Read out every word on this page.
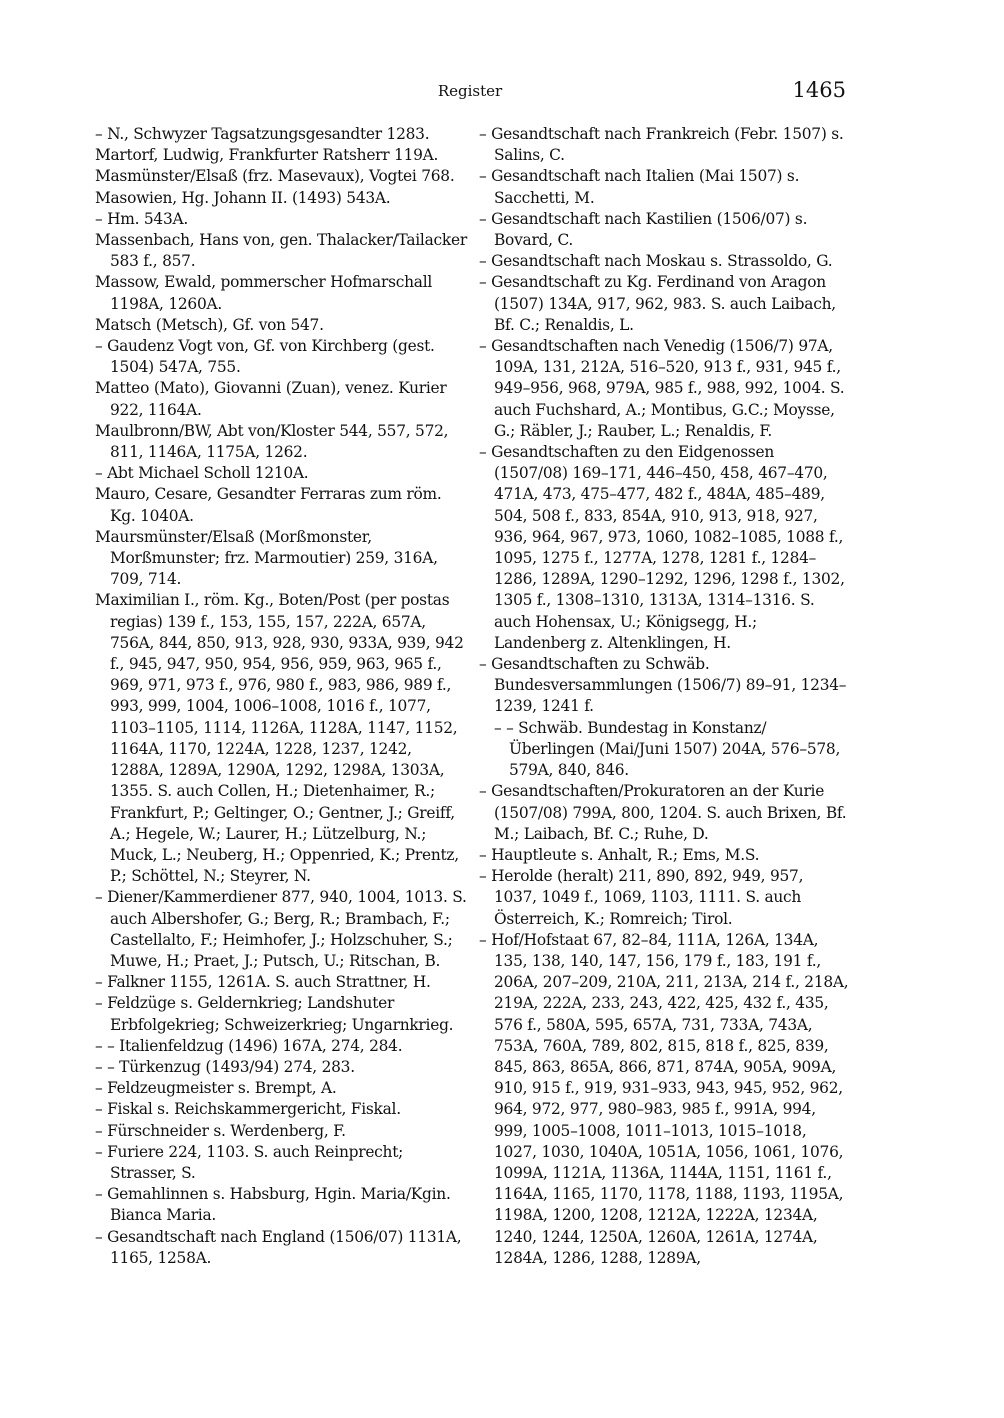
Register	1465
– N., Schwyzer Tagsatzungsgesandter 1283.
Martorf, Ludwig, Frankfurter Ratsherr 119A.
Masmünster/Elsaß (frz. Masevaux), Vogtei 768.
Masowien, Hg. Johann II. (1493) 543A.
– Hm. 543A.
Massenbach, Hans von, gen. Thalacker/Tailacker 583 f., 857.
Massow, Ewald, pommerscher Hofmarschall 1198A, 1260A.
Matsch (Metsch), Gf. von 547.
– Gaudenz Vogt von, Gf. von Kirchberg (gest. 1504) 547A, 755.
Matteo (Mato), Giovanni (Zuan), venez. Kurier 922, 1164A.
Maulbronn/BW, Abt von/Kloster 544, 557, 572, 811, 1146A, 1175A, 1262.
– Abt Michael Scholl 1210A.
Mauro, Cesare, Gesandter Ferraras zum röm. Kg. 1040A.
Maursmünster/Elsaß (Morßmonster, Morßmunster; frz. Marmoutier) 259, 316A, 709, 714.
Maximilian I., röm. Kg., Boten/Post (per postas regias) 139 f., 153, 155, 157, 222A, 657A, 756A, 844, 850, 913, 928, 930, 933A, 939, 942 f., 945, 947, 950, 954, 956, 959, 963, 965 f., 969, 971, 973 f., 976, 980 f., 983, 986, 989 f., 993, 999, 1004, 1006–1008, 1016 f., 1077, 1103–1105, 1114, 1126A, 1128A, 1147, 1152, 1164A, 1170, 1224A, 1228, 1237, 1242, 1288A, 1289A, 1290A, 1292, 1298A, 1303A, 1355. S. auch Collen, H.; Dietenhaimer, R.; Frankfurt, P.; Geltinger, O.; Gentner, J.; Greiff, A.; Hegele, W.; Laurer, H.; Lützelburg, N.; Muck, L.; Neuberg, H.; Oppenried, K.; Prentz, P.; Schöttel, N.; Steyrer, N.
– Diener/Kammerdiener 877, 940, 1004, 1013. S. auch Albershofer, G.; Berg, R.; Brambach, F.; Castellalto, F.; Heimhofer, J.; Holzschuher, S.; Muwe, H.; Praet, J.; Putsch, U.; Ritschan, B.
– Falkner 1155, 1261A. S. auch Strattner, H.
– Feldzüge s. Geldernkrieg; Landshuter Erbfolgekrieg; Schweizerkrieg; Ungarnkrieg.
– – Italienfeldzug (1496) 167A, 274, 284.
– – Türkenzug (1493/94) 274, 283.
– Feldzeugmeister s. Brempt, A.
– Fiskal s. Reichskammergericht, Fiskal.
– Fürschneider s. Werdenberg, F.
– Furiere 224, 1103. S. auch Reinprecht; Strasser, S.
– Gemahlinnen s. Habsburg, Hgin. Maria/Kgin. Bianca Maria.
– Gesandtschaft nach England (1506/07) 1131A, 1165, 1258A.
– Gesandtschaft nach Frankreich (Febr. 1507) s. Salins, C.
– Gesandtschaft nach Italien (Mai 1507) s. Sacchetti, M.
– Gesandtschaft nach Kastilien (1506/07) s. Bovard, C.
– Gesandtschaft nach Moskau s. Strassoldo, G.
– Gesandtschaft zu Kg. Ferdinand von Aragon (1507) 134A, 917, 962, 983. S. auch Laibach, Bf. C.; Renaldis, L.
– Gesandtschaften nach Venedig (1506/7) 97A, 109A, 131, 212A, 516–520, 913 f., 931, 945 f., 949–956, 968, 979A, 985 f., 988, 992, 1004. S. auch Fuchshard, A.; Montibus, G.C.; Moysse, G.; Räbler, J.; Rauber, L.; Renaldis, F.
– Gesandtschaften zu den Eidgenossen (1507/08) 169–171, 446–450, 458, 467–470, 471A, 473, 475–477, 482 f., 484A, 485–489, 504, 508 f., 833, 854A, 910, 913, 918, 927, 936, 964, 967, 973, 1060, 1082–1085, 1088 f., 1095, 1275 f., 1277A, 1278, 1281 f., 1284–1286, 1289A, 1290–1292, 1296, 1298 f., 1302, 1305 f., 1308–1310, 1313A, 1314–1316. S. auch Hohensax, U.; Königsegg, H.; Landenberg z. Altenklingen, H.
– Gesandtschaften zu Schwäb. Bundesversammlungen (1506/7) 89–91, 1234–1239, 1241 f.
– – Schwäb. Bundestag in Konstanz/Überlingen (Mai/Juni 1507) 204A, 576–578, 579A, 840, 846.
– Gesandtschaften/Prokuratoren an der Kurie (1507/08) 799A, 800, 1204. S. auch Brixen, Bf. M.; Laibach, Bf. C.; Ruhe, D.
– Hauptleute s. Anhalt, R.; Ems, M.S.
– Herolde (heralt) 211, 890, 892, 949, 957, 1037, 1049 f., 1069, 1103, 1111. S. auch Österreich, K.; Romreich; Tirol.
– Hof/Hofstaat 67, 82–84, 111A, 126A, 134A, 135, 138, 140, 147, 156, 179 f., 183, 191 f., 206A, 207–209, 210A, 211, 213A, 214 f., 218A, 219A, 222A, 233, 243, 422, 425, 432 f., 435, 576 f., 580A, 595, 657A, 731, 733A, 743A, 753A, 760A, 789, 802, 815, 818 f., 825, 839, 845, 863, 865A, 866, 871, 874A, 905A, 909A, 910, 915 f., 919, 931–933, 943, 945, 952, 962, 964, 972, 977, 980–983, 985 f., 991A, 994, 999, 1005–1008, 1011–1013, 1015–1018, 1027, 1030, 1040A, 1051A, 1056, 1061, 1076, 1099A, 1121A, 1136A, 1144A, 1151, 1161 f., 1164A, 1165, 1170, 1178, 1188, 1193, 1195A, 1198A, 1200, 1208, 1212A, 1222A, 1234A, 1240, 1244, 1250A, 1260A, 1261A, 1274A, 1284A, 1286, 1288, 1289A,
